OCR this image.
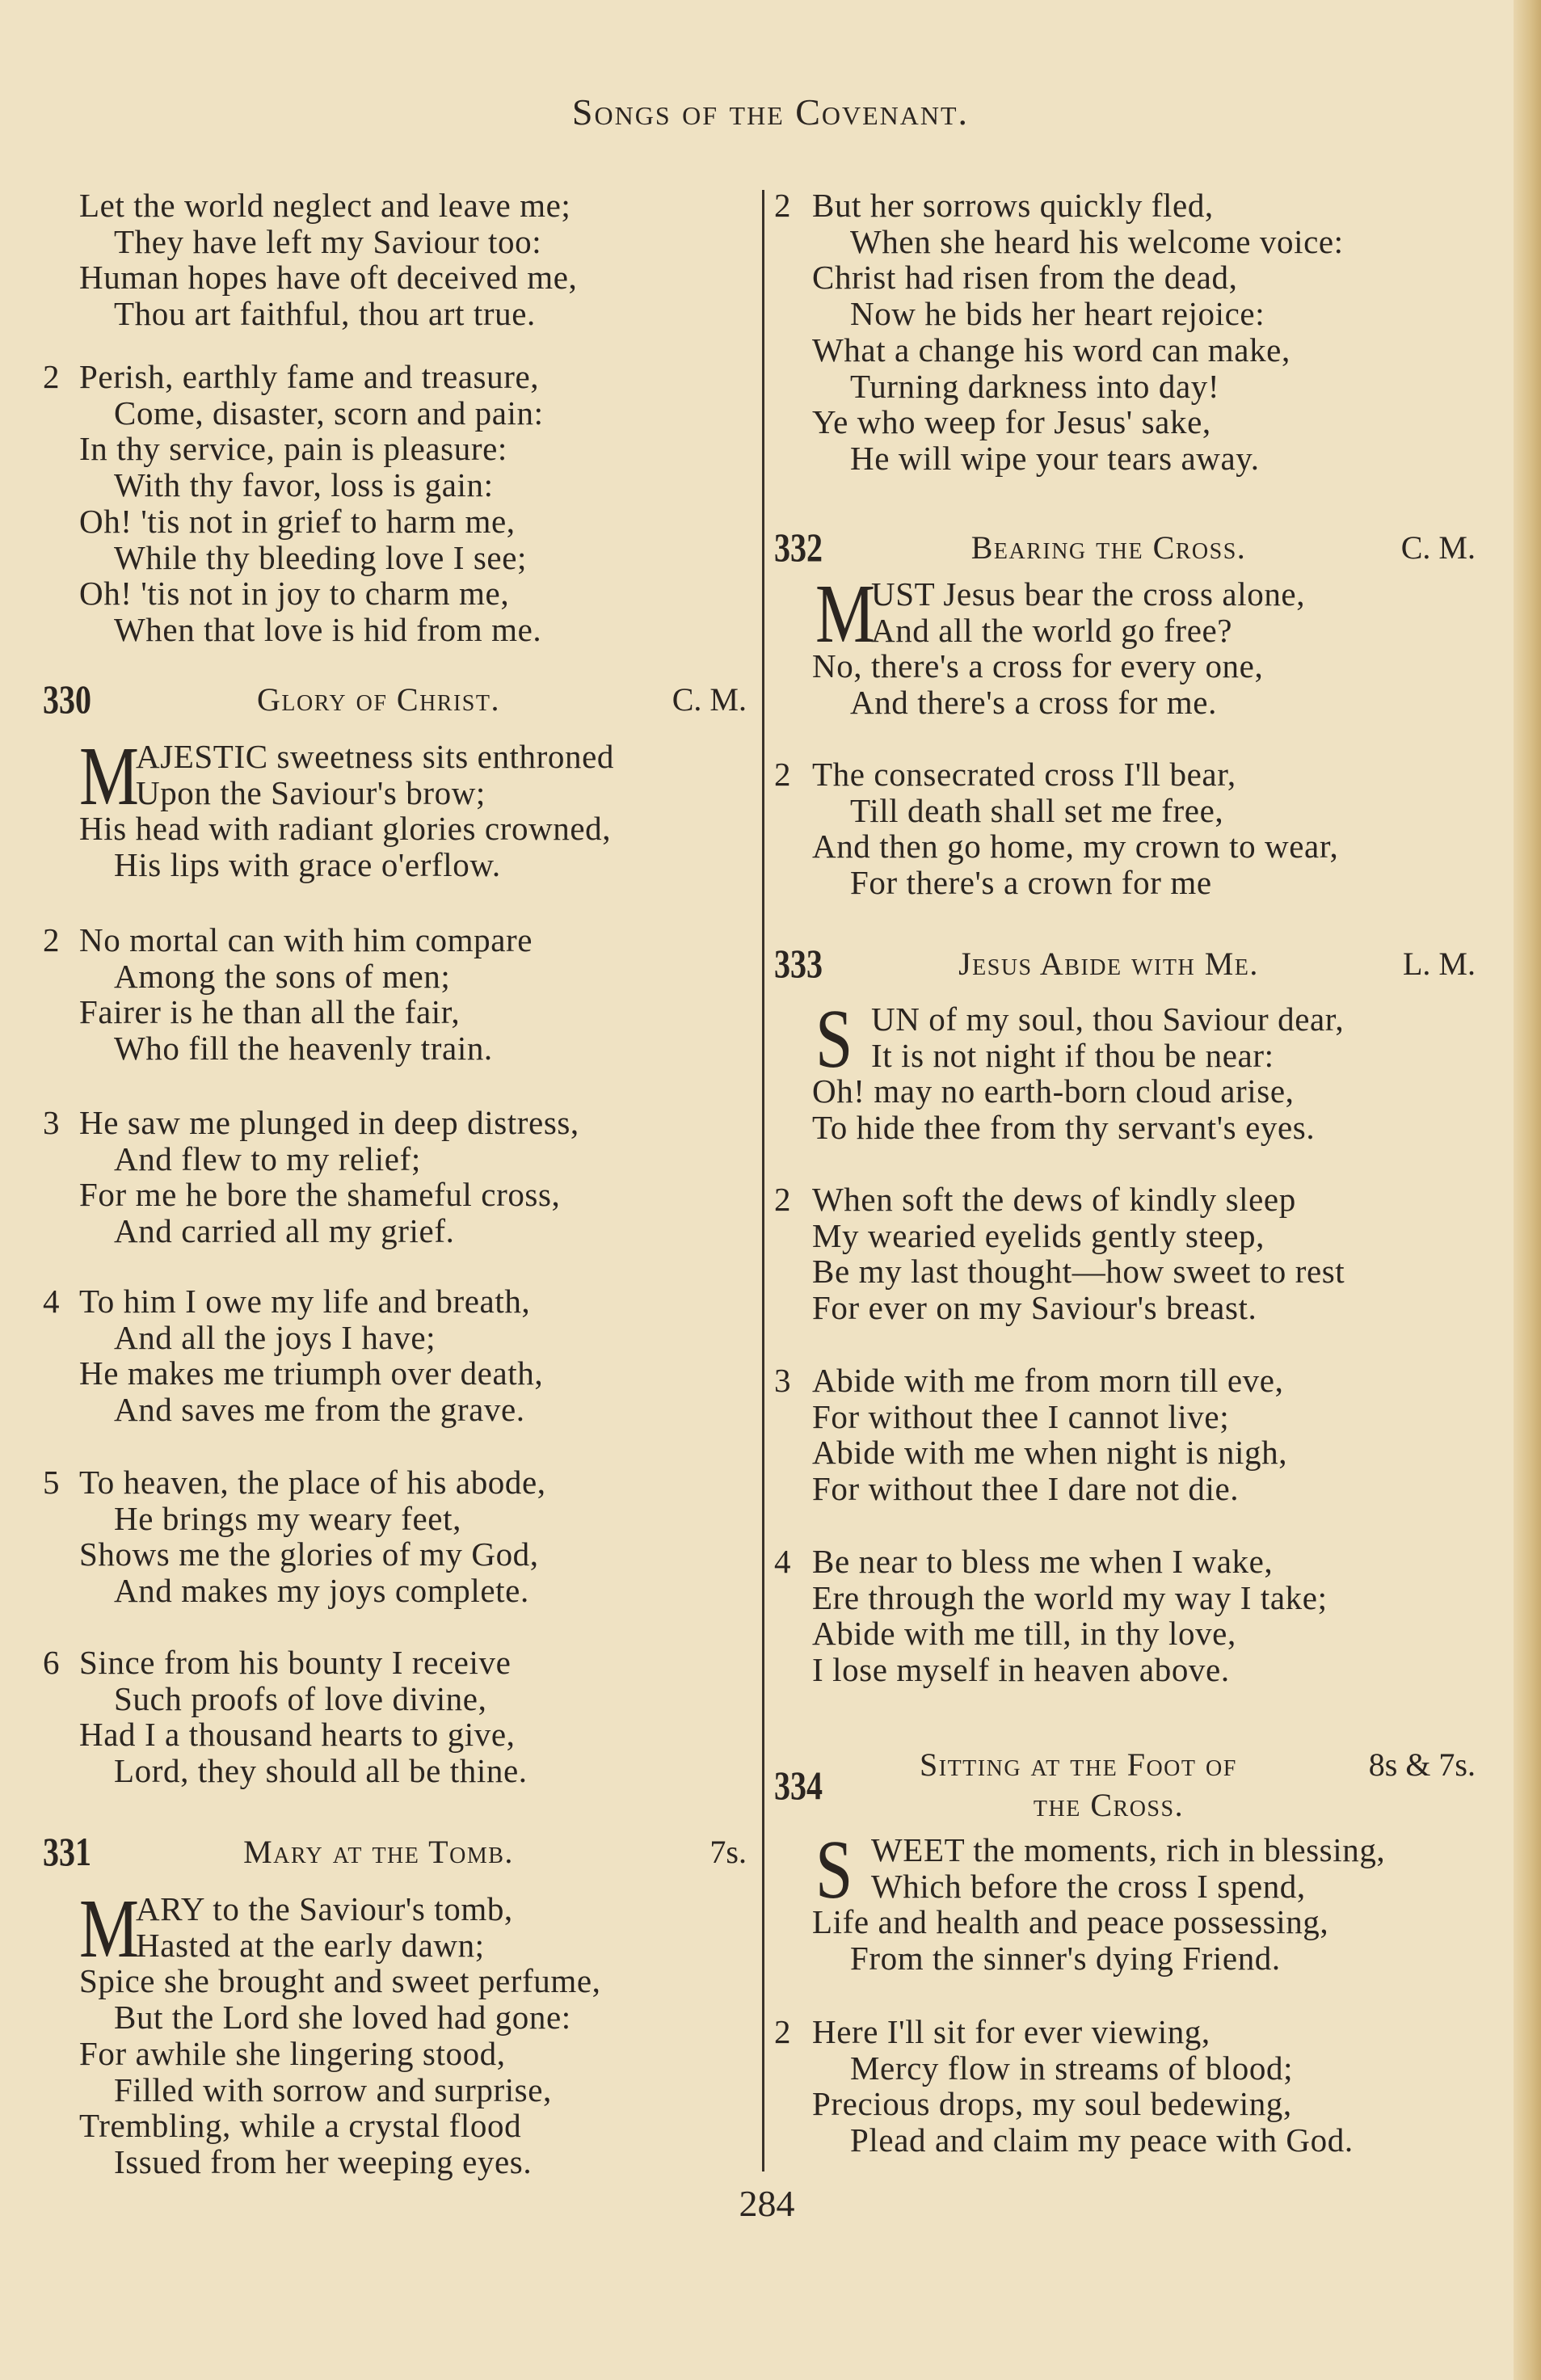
Songs of the Covenant.
Let the world neglect and leave me;
They have left my Saviour too:
Human hopes have oft deceived me,
Thou art faithful, thou art true.
2 Perish, earthly fame and treasure,
Come, disaster, scorn and pain:
In thy service, pain is pleasure:
With thy favor, loss is gain:
Oh! 'tis not in grief to harm me,
While thy bleeding love I see;
Oh! 'tis not in joy to charm me,
When that love is hid from me.
330	Glory of Christ.	C. M.
M
AJESTIC sweetness sits enthroned
Upon the Saviour's brow;
His head with radiant glories crowned,
His lips with grace o'erflow.
2 No mortal can with him compare
Among the sons of men;
Fairer is he than all the fair,
Who fill the heavenly train.
3 He saw me plunged in deep distress,
And flew to my relief;
For me he bore the shameful cross,
And carried all my grief.
4 To him I owe my life and breath,
And all the joys I have;
He makes me triumph over death,
And saves me from the grave.
5 To heaven, the place of his abode,
He brings my weary feet,
Shows me the glories of my God,
And makes my joys complete.
6 Since from his bounty I receive
Such proofs of love divine,
Had I a thousand hearts to give,
Lord, they should all be thine.
331	Mary at the Tomb.	7s.
M
ARY to the Saviour's tomb,
Hasted at the early dawn;
Spice she brought and sweet perfume,
But the Lord she loved had gone:
For awhile she lingering stood,
Filled with sorrow and surprise,
Trembling, while a crystal flood
Issued from her weeping eyes.
2 But her sorrows quickly fled,
When she heard his welcome voice:
Christ had risen from the dead,
Now he bids her heart rejoice:
What a change his word can make,
Turning darkness into day!
Ye who weep for Jesus' sake,
He will wipe your tears away.
332	Bearing the Cross.	C. M.
M
UST Jesus bear the cross alone,
And all the world go free?
No, there's a cross for every one,
And there's a cross for me.
2 The consecrated cross I'll bear,
Till death shall set me free,
And then go home, my crown to wear,
For there's a crown for me
333	Jesus Abide with Me.	L. M.
S UN of my soul, thou Saviour dear,
It is not night if thou be near:
Oh! may no earth-born cloud arise,
To hide thee from thy servant's eyes.
2 When soft the dews of kindly sleep
My wearied eyelids gently steep,
Be my last thought—how sweet to rest
For ever on my Saviour's breast.
3 Abide with me from morn till eve,
For without thee I cannot live;
Abide with me when night is nigh,
For without thee I dare not die.
4 Be near to bless me when I wake,
Ere through the world my way I take;
Abide with me till, in thy love,
I lose myself in heaven above.
334	Sitting at the Foot of
the Cross.
8s & 7s.
S WEET the moments, rich in blessing,
Which before the cross I spend,
Life and health and peace possessing,
From the sinner's dying Friend.
2 Here I'll sit for ever viewing,
Mercy flow in streams of blood;
Precious drops, my soul bedewing,
Plead and claim my peace with God.
284
